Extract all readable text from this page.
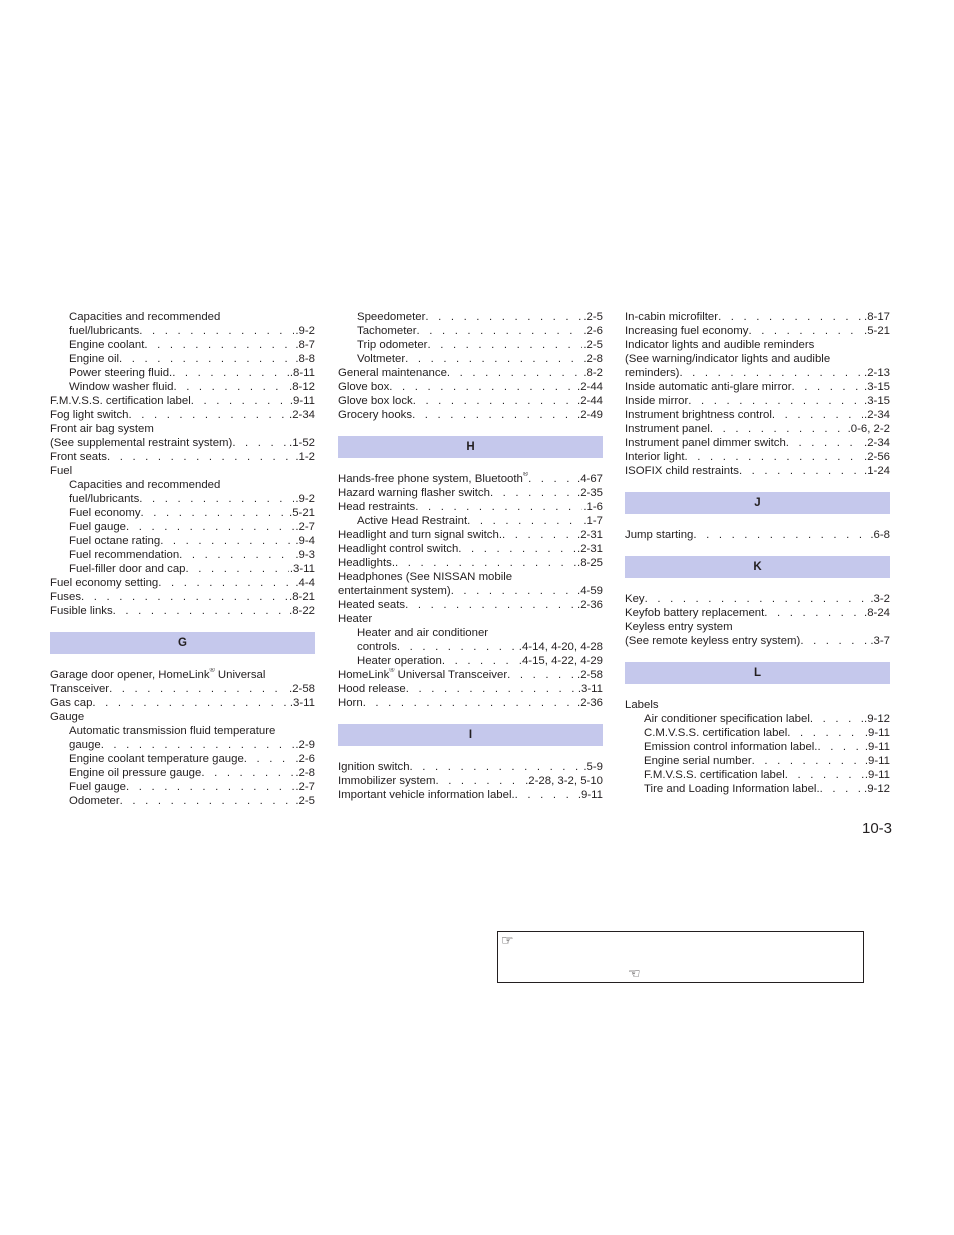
Capacities and recommended
fuel/lubricants . . .	.9-2
Engine coolant . . .	.8-7
Engine oil . . .	.8-8
Power steering fluid. . . .	.8-11
Window washer fluid . . .	.8-12
F.M.V.S.S. certification label . . .	.9-11
Fog light switch . . .	.2-34
Front air bag system
(See supplemental restraint system) . . .	.1-52
Front seats . . .	.1-2
Fuel
Capacities and recommended
fuel/lubricants . . .	.9-2
Fuel economy . . .	.5-21
Fuel gauge . . .	.2-7
Fuel octane rating . . .	.9-4
Fuel recommendation . . .	.9-3
Fuel-filler door and cap . . .	.3-11
Fuel economy setting . . .	.4-4
Fuses . . .	.8-21
Fusible links . . .	.8-22
G
Garage door opener, HomeLink® Universal
Transceiver . . .	.2-58
Gas cap . . .	.3-11
Gauge
Automatic transmission fluid temperature
gauge . . .	.2-9
Engine coolant temperature gauge . . .	.2-6
Engine oil pressure gauge . . .	.2-8
Fuel gauge . . .	.2-7
Odometer . . .	.2-5
Speedometer . . .	.2-5
Tachometer . . .	.2-6
Trip odometer . . .	.2-5
Voltmeter . . .	.2-8
General maintenance . . .	.8-2
Glove box . . .	.2-44
Glove box lock . . .	.2-44
Grocery hooks . . .	.2-49
H
Hands-free phone system, Bluetooth® . . .	.4-67
Hazard warning flasher switch . . .	.2-35
Head restraints . . .	.1-6
Active Head Restraint . . .	.1-7
Headlight and turn signal switch. . . .	.2-31
Headlight control switch . . .	.2-31
Headlights. . . .	.8-25
Headphones (See NISSAN mobile
entertainment system) . . .	.4-59
Heated seats . . .	.2-36
Heater
Heater and air conditioner
controls . . .	.4-14, 4-20, 4-28
Heater operation . . .	.4-15, 4-22, 4-29
HomeLink® Universal Transceiver . . .	.2-58
Hood release . . .	.3-11
Horn . . .	.2-36
I
Ignition switch . . .	.5-9
Immobilizer system . . .	.2-28, 3-2, 5-10
Important vehicle information label. . . .	.9-11
In-cabin microfilter . . .	.8-17
Increasing fuel economy . . .	.5-21
Indicator lights and audible reminders
(See warning/indicator lights and audible
reminders) . . .	.2-13
Inside automatic anti-glare mirror . . .	.3-15
Inside mirror . . .	.3-15
Instrument brightness control . . .	.2-34
Instrument panel . . .	.0-6, 2-2
Instrument panel dimmer switch . . .	.2-34
Interior light . . .	.2-56
ISOFIX child restraints . . .	.1-24
J
Jump starting . . .	.6-8
K
Key . . .	.3-2
Keyfob battery replacement . . .	.8-24
Keyless entry system
(See remote keyless entry system) . . .	.3-7
L
Labels
Air conditioner specification label . . .	.9-12
C.M.V.S.S. certification label . . .	.9-11
Emission control information label. . . .	.9-11
Engine serial number . . .	.9-11
F.M.V.S.S. certification label . . .	.9-11
Tire and Loading Information label. . . .	.9-12
10-3
☞
☜
